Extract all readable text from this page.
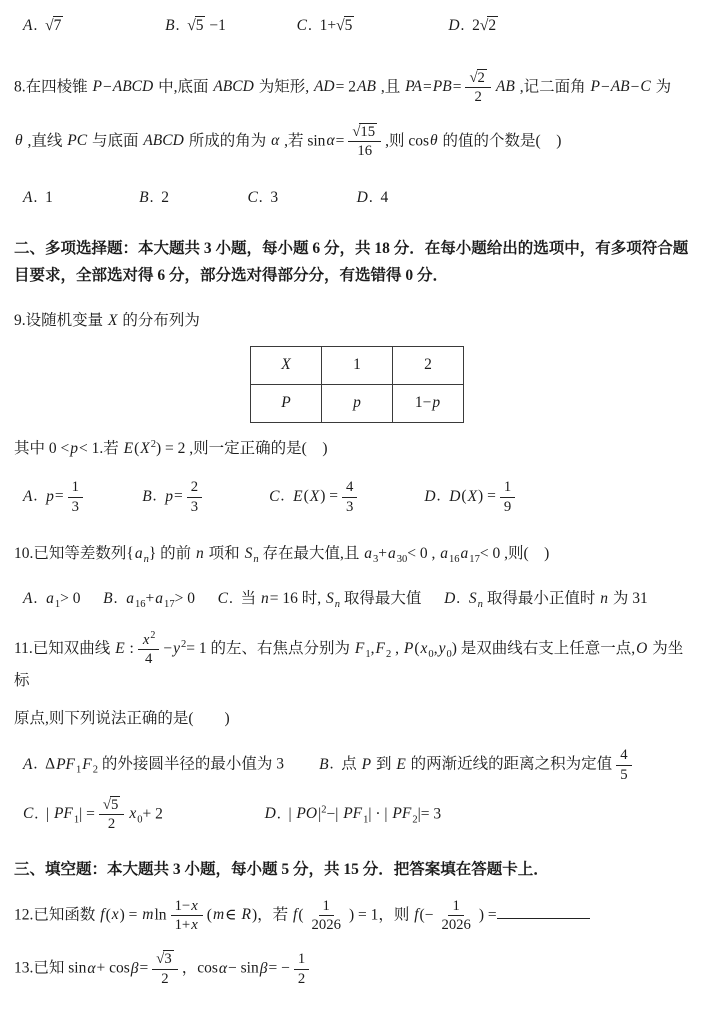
A.  √7	B.  √5 −1	C.  1+√5	D.  2√2
8.在四棱锥 P−ABCD 中,底面 ABCD 为矩形, AD= 2AB ,且 $PA=PB= \frac{√2}{2}$ AB ,记二面角 P−AB−C 为
θ ,直线 PC 与底面 ABCD 所成的角为 α ,若 $\sin\alpha= \frac{√15}{16}$ ,则 cosθ 的值的个数是(　)
A.  1	B.  2	C.  3	D.  4
二、多项选择题：本大题共 3 小题，每小题 6 分，共 18 分．在每小题给出的选项中，有多项符合题目要求，全部选对得 6 分，部分选对得部分分，有选错得 0 分．
9.设随机变量 X 的分布列为
X	1	2
P	p	1−p
其中 0 <p< 1.若 $E(X^2) = 2$ ,则一定正确的是(　)
A.  $p= \frac{1}{3}$	B.  $p= \frac{2}{3}$	C.  $E(X) = \frac{4}{3}$	D.  $D(X) = \frac{1}{9}$
10.已知等差数列$\{a_n\}$ 的前 n 项和 $S_n$ 存在最大值,且 $a_3+a_{30}< 0$ , $a_{16}a_{17}< 0$ ,则(　)
A.  $a_1> 0$ B.  $a_{16}+a_{17}> 0$ C.  当 n= 16 时, $S_n$ 取得最大值 D.  $S_n$ 取得最小正值时 n 为 31
11.已知双曲线 E : $\frac{x^2}{4} -y^2= 1$ 的左、右焦点分别为 $F_1,F_2$ , $P(x_0,y_0)$ 是双曲线右支上任意一点,O 为坐标
原点,则下列说法正确的是(　　)
A.  $\Delta PF_1F_2$ 的外接圆半径的最小值为 3 B.  点 P 到 E 的两渐近线的距离之积为定值 $\frac{4}{5}$
C.  | $PF_1| = \frac{√5}{2} x_0+ 2$	D.  | $PO|^2-|$ $PF_1|$ · | $PF_2|= 3$
三、填空题：本大题共 3 小题，每小题 5 分，共 15 分．把答案填在答题卡上．
12.已知函数 f(x) = mln $\frac{1-x}{1+x}$ (m∈ R)，若 $f( \frac{1}{2026}$ ) = 1，则 $f(- \frac{1}{2026}$ ) =
13.已知 $\sin\alpha+ \cos\beta= \frac{√3}{2}$ ，$\cos\alpha- \sin\beta= - \frac{1}{2}$
